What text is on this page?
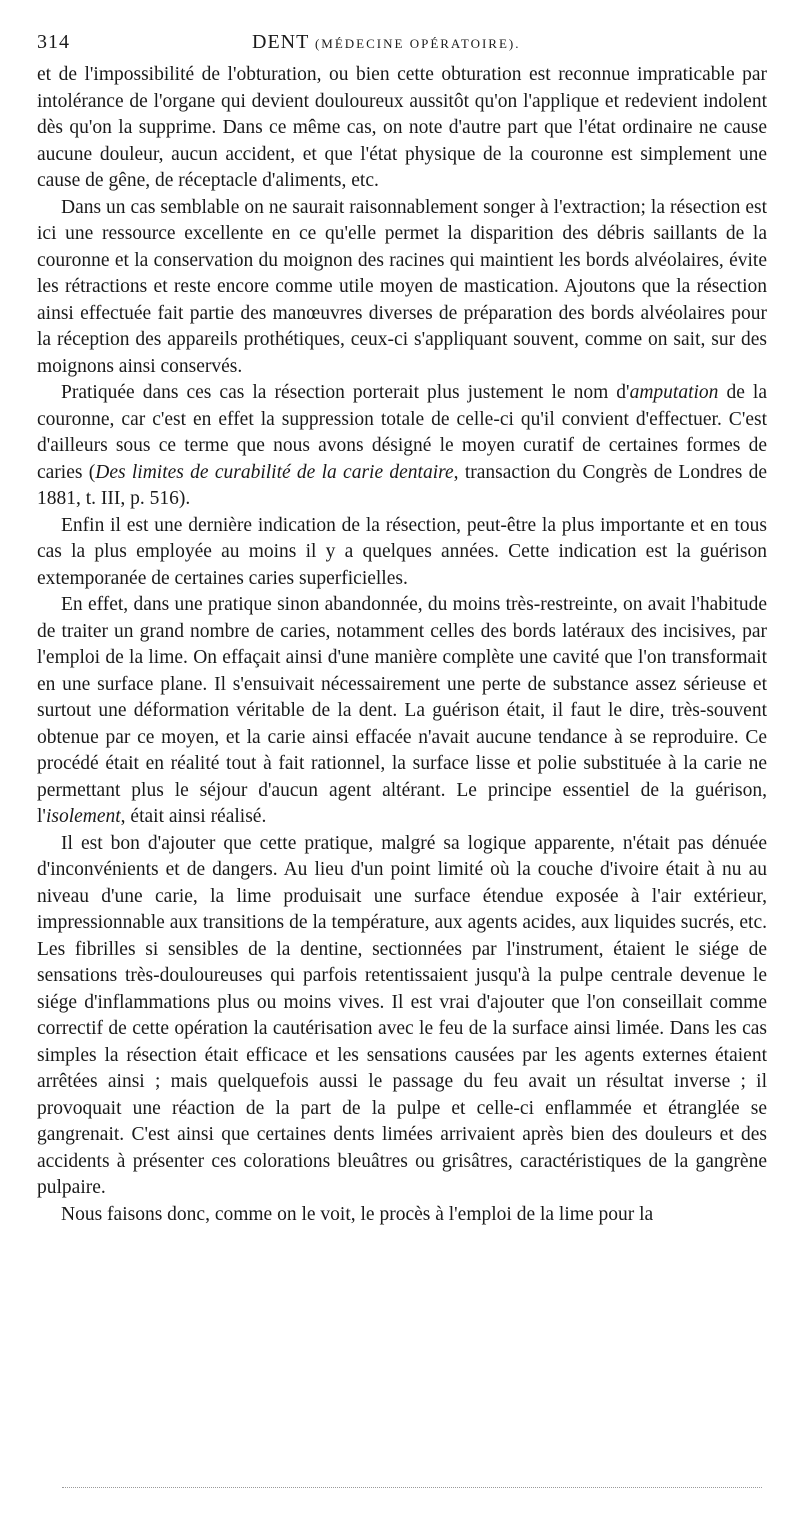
314	DENT (MÉDECINE OPÉRATOIRE).

et de l'impossibilité de l'obturation, ou bien cette obturation est reconnue impraticable par intolérance de l'organe qui devient douloureux aussitôt qu'on l'applique et redevient indolent dès qu'on la supprime. Dans ce même cas, on note d'autre part que l'état ordinaire ne cause aucune douleur, aucun accident, et que l'état physique de la couronne est simplement une cause de gêne, de réceptacle d'aliments, etc.

Dans un cas semblable on ne saurait raisonnablement songer à l'extraction; la résection est ici une ressource excellente en ce qu'elle permet la disparition des débris saillants de la couronne et la conservation du moignon des racines qui maintient les bords alvéolaires, évite les rétractions et reste encore comme utile moyen de mastication. Ajoutons que la résection ainsi effectuée fait partie des manœuvres diverses de préparation des bords alvéolaires pour la réception des appareils prothétiques, ceux-ci s'appliquant souvent, comme on sait, sur des moignons ainsi conservés.

Pratiquée dans ces cas la résection porterait plus justement le nom d'amputation de la couronne, car c'est en effet la suppression totale de celle-ci qu'il convient d'effectuer. C'est d'ailleurs sous ce terme que nous avons désigné le moyen curatif de certaines formes de caries (Des limites de curabilité de la carie dentaire, transaction du Congrès de Londres de 1881, t. III, p. 516).

Enfin il est une dernière indication de la résection, peut-être la plus importante et en tous cas la plus employée au moins il y a quelques années. Cette indication est la guérison extemporanée de certaines caries superficielles.

En effet, dans une pratique sinon abandonnée, du moins très-restreinte, on avait l'habitude de traiter un grand nombre de caries, notamment celles des bords latéraux des incisives, par l'emploi de la lime. On effaçait ainsi d'une manière complète une cavité que l'on transformait en une surface plane. Il s'ensuivait nécessairement une perte de substance assez sérieuse et surtout une déformation véritable de la dent. La guérison était, il faut le dire, très-souvent obtenue par ce moyen, et la carie ainsi effacée n'avait aucune tendance à se reproduire. Ce procédé était en réalité tout à fait rationnel, la surface lisse et polie substituée à la carie ne permettant plus le séjour d'aucun agent altérant. Le principe essentiel de la guérison, l'isolement, était ainsi réalisé.

Il est bon d'ajouter que cette pratique, malgré sa logique apparente, n'était pas dénuée d'inconvénients et de dangers. Au lieu d'un point limité où la couche d'ivoire était à nu au niveau d'une carie, la lime produisait une surface étendue exposée à l'air extérieur, impressionnable aux transitions de la température, aux agents acides, aux liquides sucrés, etc. Les fibrilles si sensibles de la dentine, sectionnées par l'instrument, étaient le siége de sensations très-douloureuses qui parfois retentissaient jusqu'à la pulpe centrale devenue le siége d'inflammations plus ou moins vives. Il est vrai d'ajouter que l'on conseillait comme correctif de cette opération la cautérisation avec le feu de la surface ainsi limée. Dans les cas simples la résection était efficace et les sensations causées par les agents externes étaient arrêtées ainsi ; mais quelquefois aussi le passage du feu avait un résultat inverse ; il provoquait une réaction de la part de la pulpe et celle-ci enflammée et étranglée se gangrenait. C'est ainsi que certaines dents limées arrivaient après bien des douleurs et des accidents à présenter ces colorations bleuâtres ou grisâtres, caractéristiques de la gangrène pulpaire.

Nous faisons donc, comme on le voit, le procès à l'emploi de la lime pour la
